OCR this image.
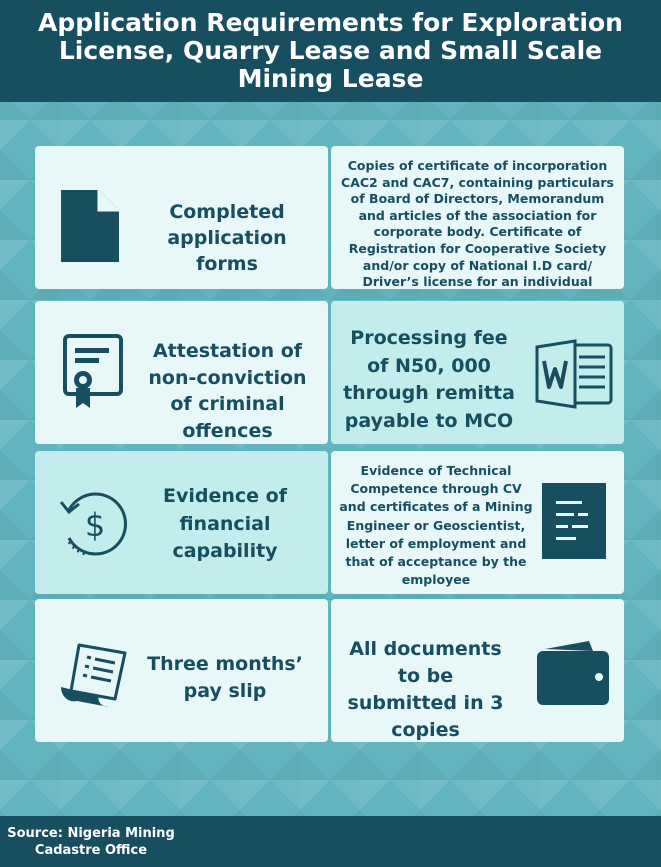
Application Requirements for Exploration License, Quarry Lease and Small Scale Mining Lease
Completed application forms
Copies of certificate of incorporation CAC2 and CAC7, containing particulars of Board of Directors, Memorandum and articles of the association for corporate body. Certificate of Registration for Cooperative Society and/or copy of National I.D card/ Driver’s license for an individual
Attestation of non-conviction of criminal offences
Processing fee of N50, 000 through remitta payable to MCO
$
Evidence of financial capability
Evidence of Technical Competence through CV and certificates of a Mining Engineer or Geoscientist, letter of employment and that of acceptance by the employee
Three months’ pay slip
All documents to be submitted in 3 copies

Source: Nigeria Mining Cadastre Office
